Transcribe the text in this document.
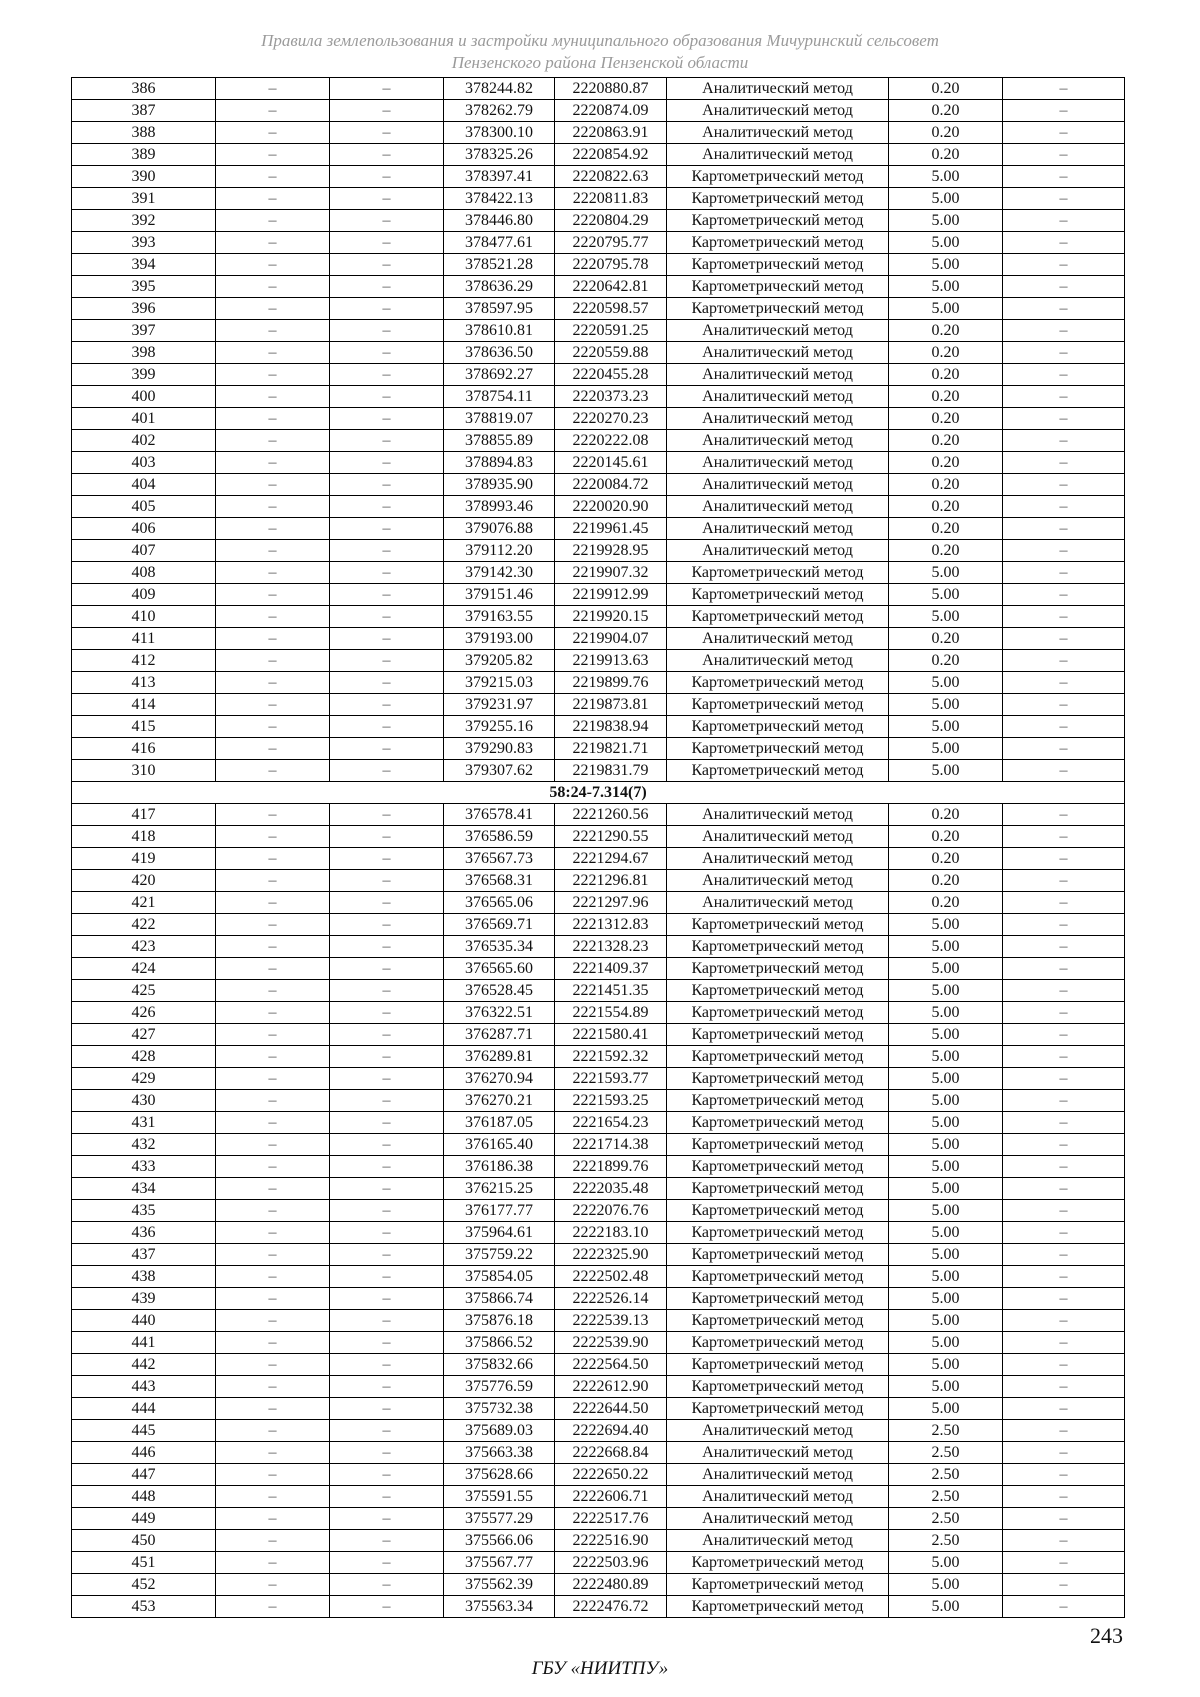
Правила землепользования и застройки муниципального образования Мичуринский сельсовет
Пензенского района Пензенской области
386	–	–	378244.82	2220880.87	Аналитический метод	0.20	–
387	–	–	378262.79	2220874.09	Аналитический метод	0.20	–
388	–	–	378300.10	2220863.91	Аналитический метод	0.20	–
389	–	–	378325.26	2220854.92	Аналитический метод	0.20	–
390	–	–	378397.41	2220822.63	Картометрический метод	5.00	–
391	–	–	378422.13	2220811.83	Картометрический метод	5.00	–
392	–	–	378446.80	2220804.29	Картометрический метод	5.00	–
393	–	–	378477.61	2220795.77	Картометрический метод	5.00	–
394	–	–	378521.28	2220795.78	Картометрический метод	5.00	–
395	–	–	378636.29	2220642.81	Картометрический метод	5.00	–
396	–	–	378597.95	2220598.57	Картометрический метод	5.00	–
397	–	–	378610.81	2220591.25	Аналитический метод	0.20	–
398	–	–	378636.50	2220559.88	Аналитический метод	0.20	–
399	–	–	378692.27	2220455.28	Аналитический метод	0.20	–
400	–	–	378754.11	2220373.23	Аналитический метод	0.20	–
401	–	–	378819.07	2220270.23	Аналитический метод	0.20	–
402	–	–	378855.89	2220222.08	Аналитический метод	0.20	–
403	–	–	378894.83	2220145.61	Аналитический метод	0.20	–
404	–	–	378935.90	2220084.72	Аналитический метод	0.20	–
405	–	–	378993.46	2220020.90	Аналитический метод	0.20	–
406	–	–	379076.88	2219961.45	Аналитический метод	0.20	–
407	–	–	379112.20	2219928.95	Аналитический метод	0.20	–
408	–	–	379142.30	2219907.32	Картометрический метод	5.00	–
409	–	–	379151.46	2219912.99	Картометрический метод	5.00	–
410	–	–	379163.55	2219920.15	Картометрический метод	5.00	–
411	–	–	379193.00	2219904.07	Аналитический метод	0.20	–
412	–	–	379205.82	2219913.63	Аналитический метод	0.20	–
413	–	–	379215.03	2219899.76	Картометрический метод	5.00	–
414	–	–	379231.97	2219873.81	Картометрический метод	5.00	–
415	–	–	379255.16	2219838.94	Картометрический метод	5.00	–
416	–	–	379290.83	2219821.71	Картометрический метод	5.00	–
310	–	–	379307.62	2219831.79	Картометрический метод	5.00	–
58:24-7.314(7)							
417	–	–	376578.41	2221260.56	Аналитический метод	0.20	–
418	–	–	376586.59	2221290.55	Аналитический метод	0.20	–
419	–	–	376567.73	2221294.67	Аналитический метод	0.20	–
420	–	–	376568.31	2221296.81	Аналитический метод	0.20	–
421	–	–	376565.06	2221297.96	Аналитический метод	0.20	–
422	–	–	376569.71	2221312.83	Картометрический метод	5.00	–
423	–	–	376535.34	2221328.23	Картометрический метод	5.00	–
424	–	–	376565.60	2221409.37	Картометрический метод	5.00	–
425	–	–	376528.45	2221451.35	Картометрический метод	5.00	–
426	–	–	376322.51	2221554.89	Картометрический метод	5.00	–
427	–	–	376287.71	2221580.41	Картометрический метод	5.00	–
428	–	–	376289.81	2221592.32	Картометрический метод	5.00	–
429	–	–	376270.94	2221593.77	Картометрический метод	5.00	–
430	–	–	376270.21	2221593.25	Картометрический метод	5.00	–
431	–	–	376187.05	2221654.23	Картометрический метод	5.00	–
432	–	–	376165.40	2221714.38	Картометрический метод	5.00	–
433	–	–	376186.38	2221899.76	Картометрический метод	5.00	–
434	–	–	376215.25	2222035.48	Картометрический метод	5.00	–
435	–	–	376177.77	2222076.76	Картометрический метод	5.00	–
436	–	–	375964.61	2222183.10	Картометрический метод	5.00	–
437	–	–	375759.22	2222325.90	Картометрический метод	5.00	–
438	–	–	375854.05	2222502.48	Картометрический метод	5.00	–
439	–	–	375866.74	2222526.14	Картометрический метод	5.00	–
440	–	–	375876.18	2222539.13	Картометрический метод	5.00	–
441	–	–	375866.52	2222539.90	Картометрический метод	5.00	–
442	–	–	375832.66	2222564.50	Картометрический метод	5.00	–
443	–	–	375776.59	2222612.90	Картометрический метод	5.00	–
444	–	–	375732.38	2222644.50	Картометрический метод	5.00	–
445	–	–	375689.03	2222694.40	Аналитический метод	2.50	–
446	–	–	375663.38	2222668.84	Аналитический метод	2.50	–
447	–	–	375628.66	2222650.22	Аналитический метод	2.50	–
448	–	–	375591.55	2222606.71	Аналитический метод	2.50	–
449	–	–	375577.29	2222517.76	Аналитический метод	2.50	–
450	–	–	375566.06	2222516.90	Аналитический метод	2.50	–
451	–	–	375567.77	2222503.96	Картометрический метод	5.00	–
452	–	–	375562.39	2222480.89	Картометрический метод	5.00	–
453	–	–	375563.34	2222476.72	Картометрический метод	5.00	–
243
ГБУ «НИИТПУ»
